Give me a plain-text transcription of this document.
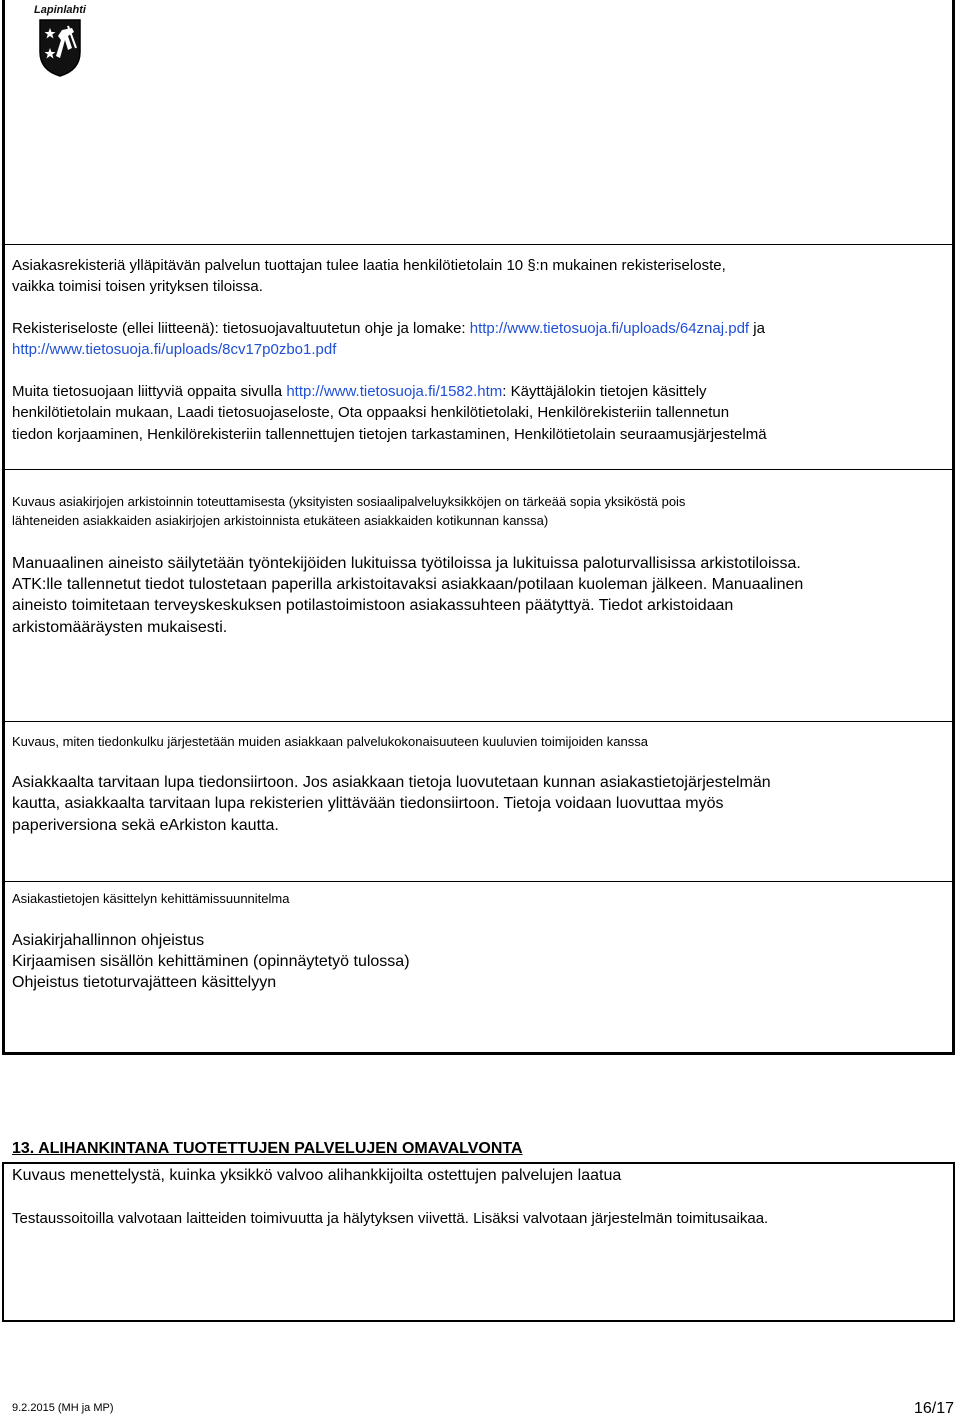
Lapinlahti

Asiakasrekisteriä ylläpitävän palvelun tuottajan tulee laatia henkilötietolain 10 §:n mukainen rekisteriseloste,

vaikka toimisi toisen yrityksen tiloissa.

Rekisteriseloste (ellei liitteenä): tietosuojavaltuutetun ohje ja lomake: http://www.tietosuoja.fi/uploads/64znaj.pdf ja

http://www.tietosuoja.fi/uploads/8cv17p0zbo1.pdf

Muita tietosuojaan liittyviä oppaita sivulla http://www.tietosuoja.fi/1582.htm: Käyttäjälokin tietojen käsittely

henkilötietolain mukaan, Laadi tietosuojaseloste, Ota oppaaksi henkilötietolaki, Henkilörekisteriin tallennetun

tiedon korjaaminen, Henkilörekisteriin tallennettujen tietojen tarkastaminen, Henkilötietolain seuraamusjärjestelmä

Kuvaus asiakirjojen arkistoinnin toteuttamisesta (yksityisten sosiaalipalveluyksikköjen on tärkeää sopia yksiköstä pois

lähteneiden asiakkaiden asiakirjojen arkistoinnista etukäteen asiakkaiden kotikunnan kanssa)

Manuaalinen aineisto säilytetään työntekijöiden lukituissa työtiloissa ja lukituissa paloturvallisissa arkistotiloissa.

ATK:lle tallennetut tiedot tulostetaan paperilla arkistoitavaksi asiakkaan/potilaan kuoleman jälkeen. Manuaalinen

aineisto toimitetaan terveyskeskuksen potilastoimistoon asiakassuhteen päätyttyä. Tiedot arkistoidaan

arkistomääräysten mukaisesti.

Kuvaus, miten tiedonkulku järjestetään muiden asiakkaan palvelukokonaisuuteen kuuluvien toimijoiden kanssa

Asiakkaalta tarvitaan lupa tiedonsiirtoon. Jos asiakkaan tietoja luovutetaan kunnan asiakastietojärjestelmän

kautta, asiakkaalta tarvitaan lupa rekisterien ylittävään tiedonsiirtoon. Tietoja voidaan luovuttaa myös

paperiversiona sekä eArkiston kautta.

Asiakastietojen käsittelyn kehittämissuunnitelma

Asiakirjahallinnon ohjeistus

Kirjaamisen sisällön kehittäminen (opinnäytetyö tulossa)

Ohjeistus tietoturvajätteen käsittelyyn

13. ALIHANKINTANA TUOTETTUJEN PALVELUJEN OMAVALVONTA

Kuvaus menettelystä, kuinka yksikkö valvoo alihankkijoilta ostettujen palvelujen laatua

Testaussoitoilla valvotaan laitteiden toimivuutta ja hälytyksen viivettä. Lisäksi valvotaan järjestelmän toimitusaikaa.

9.2.2015 (MH ja MP)	16/17
